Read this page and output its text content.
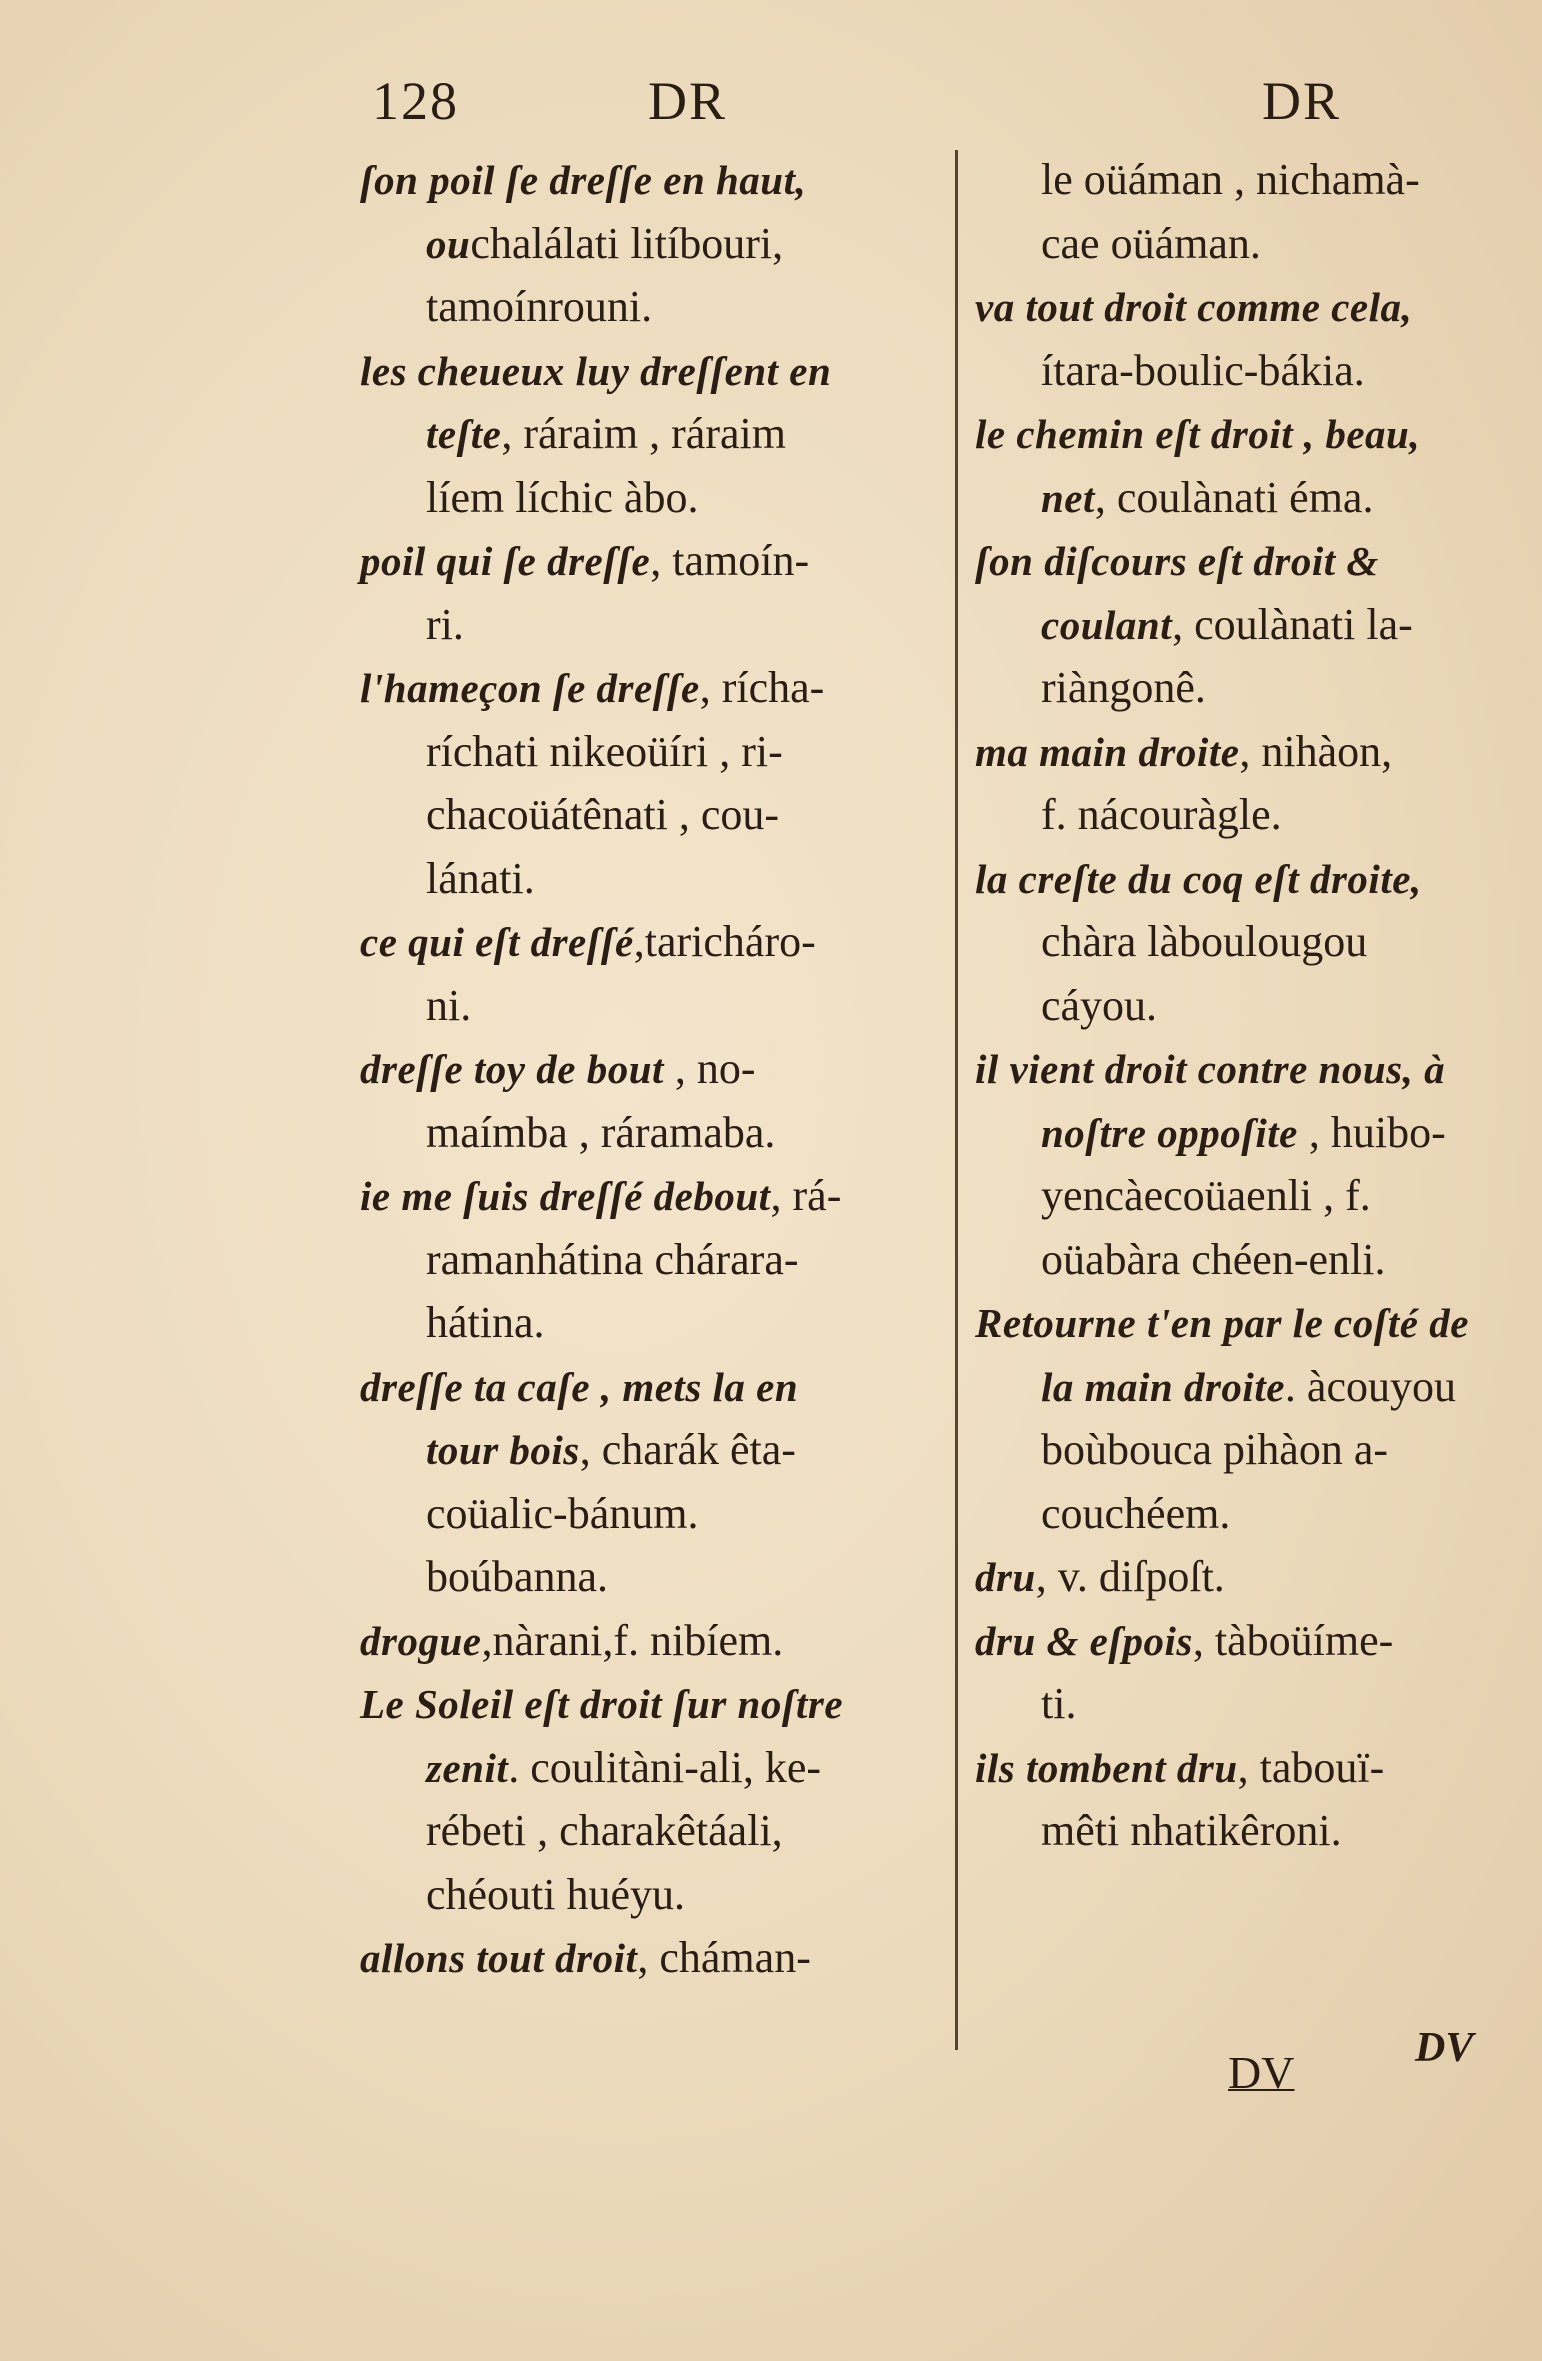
128	DR	DR
ſon poil ſe dreſſe en haut,
ouchalálati litíbouri,
tamoínrouni.
les cheueux luy dreſſent en
teſte, ráraim , ráraim
líem líchic àbo.
poil qui ſe dreſſe, tamoín-
ri.
l'hameçon ſe dreſſe, rícha-
ríchati nikeoüíri , ri-
chacoüátênati , cou-
lánati.
ce qui eſt dreſſé,taricháro-
ni.
dreſſe toy de bout , no-
maímba , ráramaba.
ie me ſuis dreſſé debout, rá-
ramanhátina chárara-
hátina.
dreſſe ta caſe , mets la en
tour bois, charák êta-
coüalic-bánum.
boúbanna.
drogue,nàrani,f. nibíem.
Le Soleil eſt droit ſur noſtre
zenit. coulitàni-ali, ke-
rébeti , charakêtáali,
chéouti huéyu.
allons tout droit, cháman-
le oüáman , nichamà-
cae oüáman.
va tout droit comme cela,
ítara-boulic-bákia.
le chemin eſt droit , beau,
net, coulànati éma.
ſon diſcours eſt droit &
coulant, coulànati la-
riàngonê.
ma main droite, nihàon,
f. nácouràgle.
la creſte du coq eſt droite,
chàra làboulougou
cáyou.
il vient droit contre nous, à
noſtre oppoſite , huibo-
yencàecoüaenli , f.
oüabàra chéen-enli.
Retourne t'en par le coſté de
la main droite. àcouyou
boùbouca pihàon a-
couchéem.
dru, v. diſpoſt.
dru & eſpois, tàboüíme-
ti.
ils tombent dru, tabouï-
mêti nhatikêroni.
DV	DV
